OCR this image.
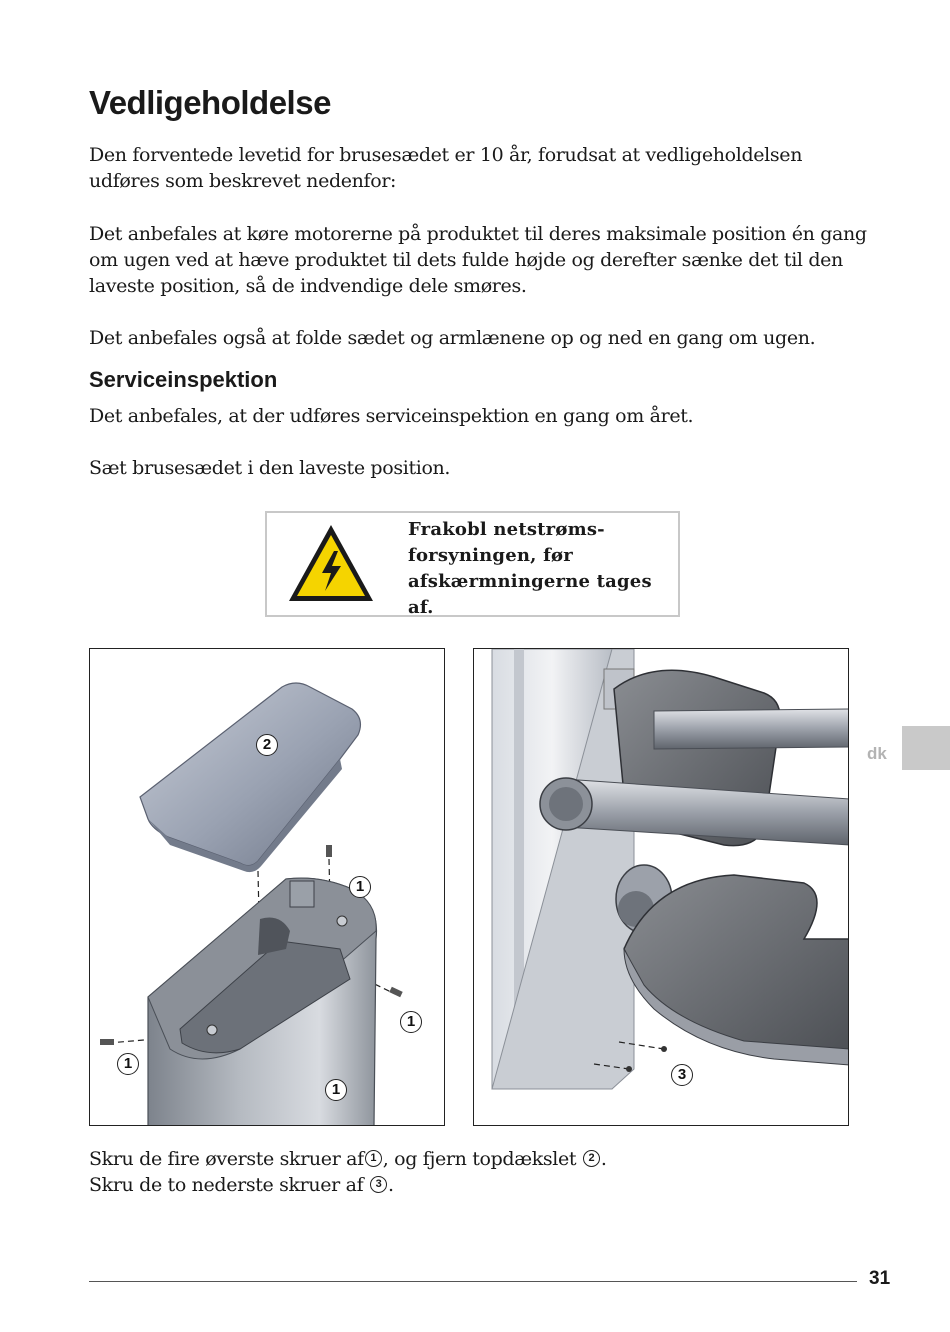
Vedligeholdelse

Den forventede levetid for brusesædet er 10 år, forudsat at vedligeholdelsen udføres som beskrevet nedenfor:

Det anbefales at køre motorerne på produktet til deres maksimale position én gang om ugen ved at hæve produktet til dets fulde højde og derefter sænke det til den laveste position, så de indvendige dele smøres.

Det anbefales også at folde sædet og armlænene op og ned en gang om ugen.

Serviceinspektion

Det anbefales, at der udføres serviceinspektion en gang om året.

Sæt brusesædet i den laveste position.

Frakobl netstrøms-forsyningen, før afskærmningerne tages af.
2
1
1
1
1
3

Skru de fire øverste skruer af 1 , og fjern topdækslet 2 .

Skru de to nederste skruer af 3 .

dk
31
